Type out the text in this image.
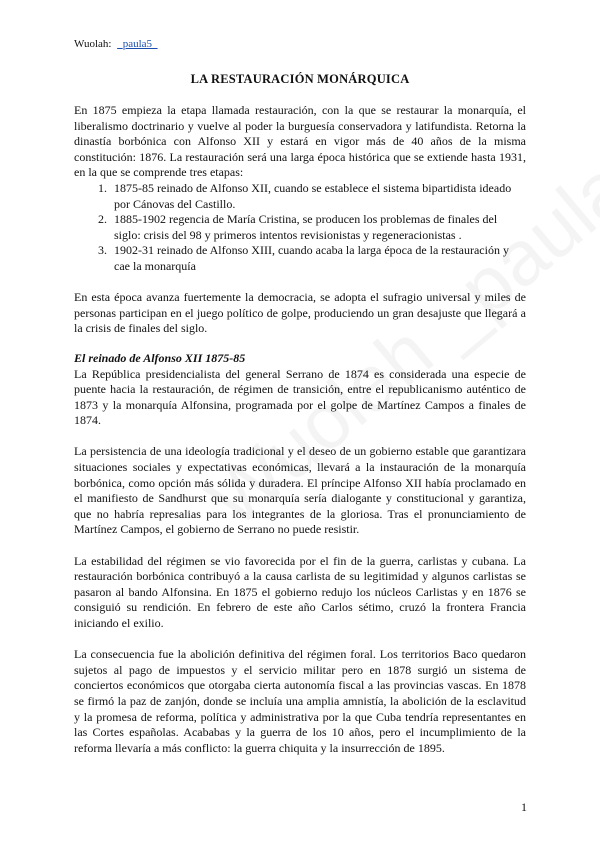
Wuolah: _paula5_
LA RESTAURACIÓN MONÁRQUICA

En 1875 empieza la etapa llamada restauración, con la que se restaurar la monarquía, el liberalismo doctrinario y vuelve al poder la burguesía conservadora y latifundista. Retorna la dinastía borbónica con Alfonso XII y estará en vigor más de 40 años de la misma constitución: 1876. La restauración será una larga época histórica que se extiende hasta 1931, en la que se comprende tres etapas:

1. 1875-85 reinado de Alfonso XII, cuando se establece el sistema bipartidista ideado por Cánovas del Castillo.
2. 1885-1902 regencia de María Cristina, se producen los problemas de finales del siglo: crisis del 98 y primeros intentos revisionistas y regeneracionistas .
3. 1902-31 reinado de Alfonso XIII, cuando acaba la larga época de la restauración y cae la monarquía

En esta época avanza fuertemente la democracia, se adopta el sufragio universal y miles de personas participan en el juego político de golpe, produciendo un gran desajuste que llegará a la crisis de finales del siglo.

El reinado de Alfonso XII 1875-85

La República presidencialista del general Serrano de 1874 es considerada una especie de puente hacia la restauración, de régimen de transición, entre el republicanismo auténtico de 1873 y la monarquía Alfonsina, programada por el golpe de Martínez Campos a finales de 1874.

La persistencia de una ideología tradicional y el deseo de un gobierno estable que garantizara situaciones sociales y expectativas económicas, llevará a la instauración de la monarquía borbónica, como opción más sólida y duradera. El príncipe Alfonso XII había proclamado en el manifiesto de Sandhurst que su monarquía sería dialogante y constitucional y garantiza, que no habría represalias para los integrantes de la gloriosa. Tras el pronunciamiento de Martínez Campos, el gobierno de Serrano no puede resistir.

La estabilidad del régimen se vio favorecida por el fin de la guerra, carlistas y cubana. La restauración borbónica contribuyó a la causa carlista de su legitimidad y algunos carlistas se pasaron al bando Alfonsina. En 1875 el gobierno redujo los núcleos Carlistas y en 1876 se consiguió su rendición. En febrero de este año Carlos sétimo, cruzó la frontera Francia iniciando el exilio.

La consecuencia fue la abolición definitiva del régimen foral. Los territorios Baco quedaron sujetos al pago de impuestos y el servicio militar pero en 1878 surgió un sistema de conciertos económicos que otorgaba cierta autonomía fiscal a las provincias vascas. En 1878 se firmó la paz de zanjón, donde se incluía una amplia amnistía, la abolición de la esclavitud y la promesa de reforma, política y administrativa por la que Cuba tendría representantes en las Cortes españolas. Acababas y la guerra de los 10 años, pero el incumplimiento de la reforma llevaría a más conflicto: la guerra chiquita y la insurrección de 1895.

1
